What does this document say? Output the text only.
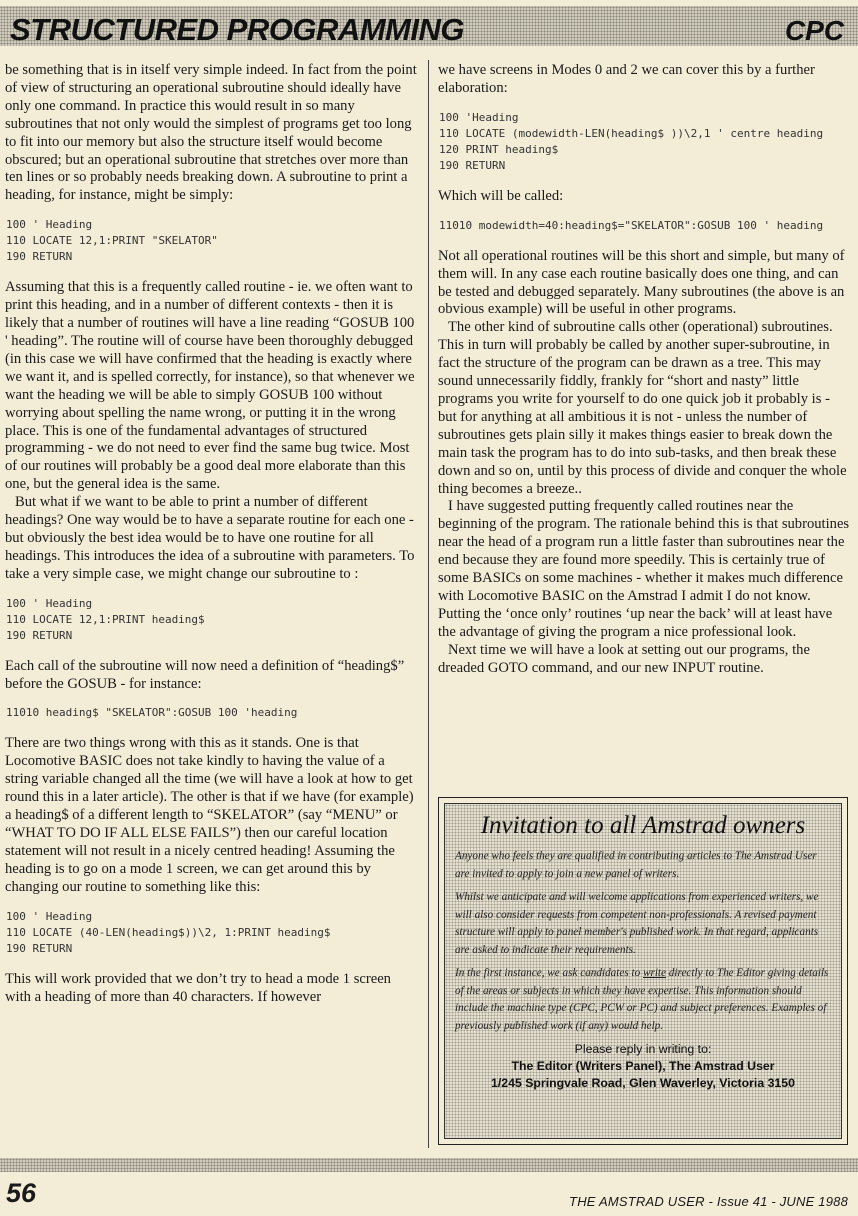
STRUCTURED PROGRAMMING	CPC

be something that is in itself very simple indeed. In fact from the point of view of structuring an operational subroutine should ideally have only one command. In practice this would result in so many subroutines that not only would the simplest of programs get too long to fit into our memory but also the structure itself would become obscured; but an operational subroutine that stretches over more than ten lines or so probably needs breaking down. A subroutine to print a heading, for instance, might be simply:

100 ' Heading
110 LOCATE 12,1:PRINT "SKELATOR"
190 RETURN

Assuming that this is a frequently called routine - ie. we often want to print this heading, and in a number of different contexts - then it is likely that a number of routines will have a line reading “GOSUB 100 ' heading”. The routine will of course have been thoroughly debugged (in this case we will have confirmed that the heading is exactly where we want it, and is spelled correctly, for instance), so that whenever we want the heading we will be able to simply GOSUB 100 without worrying about spelling the name wrong, or putting it in the wrong place. This is one of the fundamental advantages of structured programming - we do not need to ever find the same bug twice. Most of our routines will probably be a good deal more elaborate than this one, but the general idea is the same.

But what if we want to be able to print a number of different headings? One way would be to have a separate routine for each one - but obviously the best idea would be to have one routine for all headings. This introduces the idea of a subroutine with parameters. To take a very simple case, we might change our subroutine to :

100 ' Heading
110 LOCATE 12,1:PRINT heading$
190 RETURN

Each call of the subroutine will now need a definition of “heading$” before the GOSUB - for instance:

11010 heading$ "SKELATOR":GOSUB 100 'heading

There are two things wrong with this as it stands. One is that Locomotive BASIC does not take kindly to having the value of a string variable changed all the time (we will have a look at how to get round this in a later article). The other is that if we have (for example) a heading$ of a different length to “SKELATOR” (say “MENU” or “WHAT TO DO IF ALL ELSE FAILS”) then our careful location statement will not result in a nicely centred heading! Assuming the heading is to go on a mode 1 screen, we can get around this by changing our routine to something like this:

100 ' Heading
110 LOCATE (40-LEN(heading$))\2, 1:PRINT heading$
190 RETURN

This will work provided that we don’t try to head a mode 1 screen with a heading of more than 40 characters. If however

we have screens in Modes 0 and 2 we can cover this by a further elaboration:

100 'Heading
110 LOCATE (modewidth-LEN(heading$ ))\2,1 ' centre heading
120 PRINT heading$
190 RETURN

Which will be called:

11010 modewidth=40:heading$="SKELATOR":GOSUB 100 ' heading

Not all operational routines will be this short and simple, but many of them will. In any case each routine basically does one thing, and can be tested and debugged separately. Many subroutines (the above is an obvious example) will be useful in other programs.

The other kind of subroutine calls other (operational) subroutines. This in turn will probably be called by another super-subroutine, in fact the structure of the program can be drawn as a tree. This may sound unnecessarily fiddly, frankly for “short and nasty” little programs you write for yourself to do one quick job it probably is - but for anything at all ambitious it is not - unless the number of subroutines gets plain silly it makes things easier to break down the main task the program has to do into sub-tasks, and then break these down and so on, until by this process of divide and conquer the whole thing becomes a breeze..

I have suggested putting frequently called routines near the beginning of the program. The rationale behind this is that subroutines near the head of a program run a little faster than subroutines near the end because they are found more speedily. This is certainly true of some BASICs on some machines - whether it makes much difference with Locomotive BASIC on the Amstrad I admit I do not know. Putting the ‘once only’ routines ‘up near the back’ will at least have the advantage of giving the program a nice professional look.

Next time we will have a look at setting out our programs, the dreaded GOTO command, and our new INPUT routine.

Invitation to all Amstrad owners

Anyone who feels they are qualified in contributing articles to The Amstrad User are invited to apply to join a new panel of writers.

Whilst we anticipate and will welcome applications from experienced writers, we will also consider requests from competent non-professionals. A revised payment structure will apply to panel member's published work. In that regard, applicants are asked to indicate their requirements.

In the first instance, we ask candidates to write directly to The Editor giving details of the areas or subjects in which they have expertise. This information should include the machine type (CPC, PCW or PC) and subject preferences. Examples of previously published work (if any) would help.

Please reply in writing to:
The Editor (Writers Panel), The Amstrad User
1/245 Springvale Road, Glen Waverley, Victoria 3150
56	THE AMSTRAD USER - Issue 41 - JUNE 1988
